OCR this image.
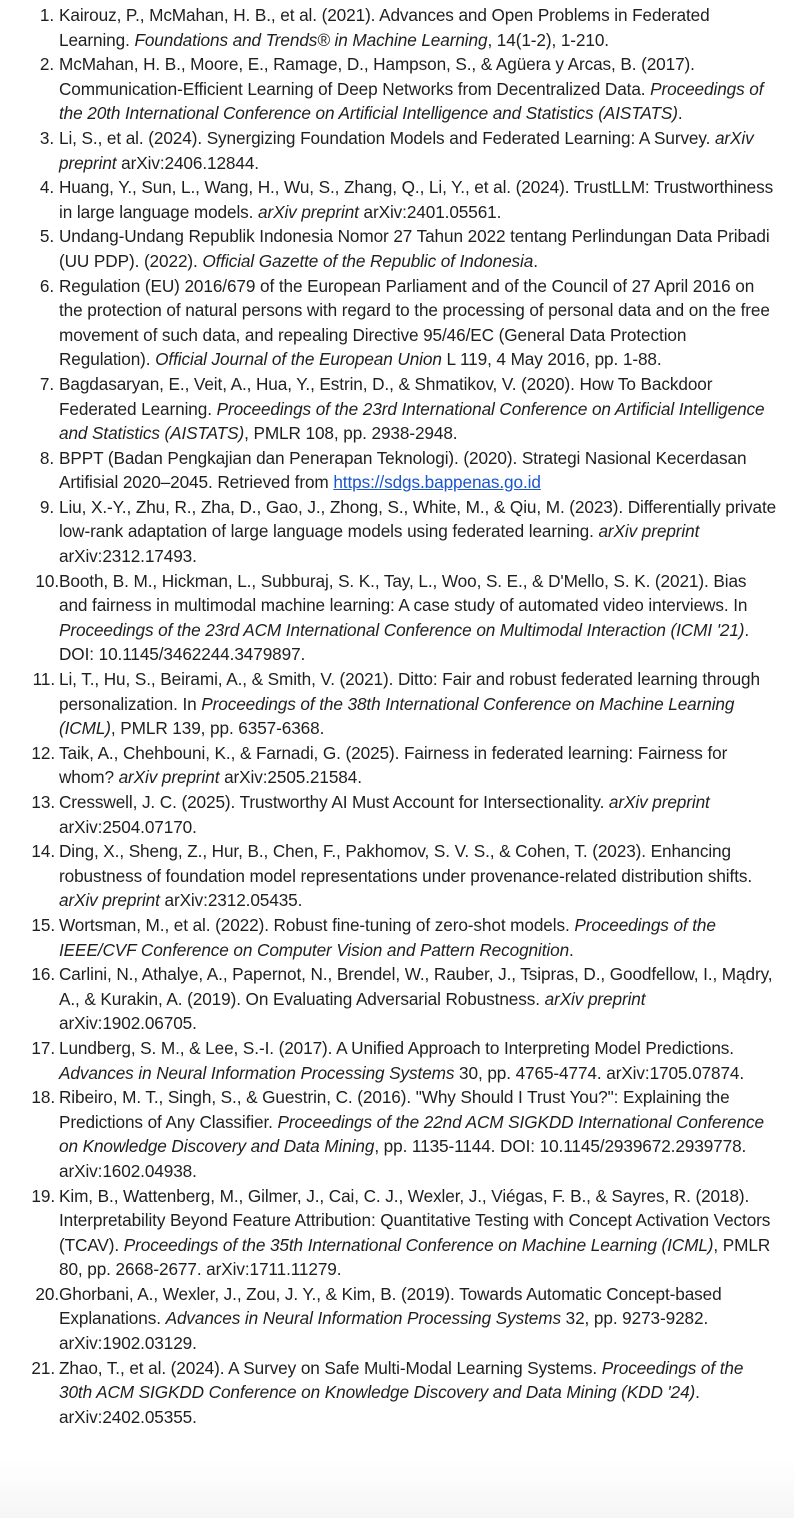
1. Kairouz, P., McMahan, H. B., et al. (2021). Advances and Open Problems in Federated Learning. Foundations and Trends® in Machine Learning, 14(1-2), 1-210.
2. McMahan, H. B., Moore, E., Ramage, D., Hampson, S., & Agüera y Arcas, B. (2017). Communication-Efficient Learning of Deep Networks from Decentralized Data. Proceedings of the 20th International Conference on Artificial Intelligence and Statistics (AISTATS).
3. Li, S., et al. (2024). Synergizing Foundation Models and Federated Learning: A Survey. arXiv preprint arXiv:2406.12844.
4. Huang, Y., Sun, L., Wang, H., Wu, S., Zhang, Q., Li, Y., et al. (2024). TrustLLM: Trustworthiness in large language models. arXiv preprint arXiv:2401.05561.
5. Undang-Undang Republik Indonesia Nomor 27 Tahun 2022 tentang Perlindungan Data Pribadi (UU PDP). (2022). Official Gazette of the Republic of Indonesia.
6. Regulation (EU) 2016/679 of the European Parliament and of the Council of 27 April 2016 on the protection of natural persons with regard to the processing of personal data and on the free movement of such data, and repealing Directive 95/46/EC (General Data Protection Regulation). Official Journal of the European Union L 119, 4 May 2016, pp. 1-88.
7. Bagdasaryan, E., Veit, A., Hua, Y., Estrin, D., & Shmatikov, V. (2020). How To Backdoor Federated Learning. Proceedings of the 23rd International Conference on Artificial Intelligence and Statistics (AISTATS), PMLR 108, pp. 2938-2948.
8. BPPT (Badan Pengkajian dan Penerapan Teknologi). (2020). Strategi Nasional Kecerdasan Artifisial 2020–2045. Retrieved from https://sdgs.bappenas.go.id
9. Liu, X.-Y., Zhu, R., Zha, D., Gao, J., Zhong, S., White, M., & Qiu, M. (2023). Differentially private low-rank adaptation of large language models using federated learning. arXiv preprint arXiv:2312.17493.
10. Booth, B. M., Hickman, L., Subburaj, S. K., Tay, L., Woo, S. E., & D'Mello, S. K. (2021). Bias and fairness in multimodal machine learning: A case study of automated video interviews. In Proceedings of the 23rd ACM International Conference on Multimodal Interaction (ICMI '21). DOI: 10.1145/3462244.3479897.
11. Li, T., Hu, S., Beirami, A., & Smith, V. (2021). Ditto: Fair and robust federated learning through personalization. In Proceedings of the 38th International Conference on Machine Learning (ICML), PMLR 139, pp. 6357-6368.
12. Taik, A., Chehbouni, K., & Farnadi, G. (2025). Fairness in federated learning: Fairness for whom? arXiv preprint arXiv:2505.21584.
13. Cresswell, J. C. (2025). Trustworthy AI Must Account for Intersectionality. arXiv preprint arXiv:2504.07170.
14. Ding, X., Sheng, Z., Hur, B., Chen, F., Pakhomov, S. V. S., & Cohen, T. (2023). Enhancing robustness of foundation model representations under provenance-related distribution shifts. arXiv preprint arXiv:2312.05435.
15. Wortsman, M., et al. (2022). Robust fine-tuning of zero-shot models. Proceedings of the IEEE/CVF Conference on Computer Vision and Pattern Recognition.
16. Carlini, N., Athalye, A., Papernot, N., Brendel, W., Rauber, J., Tsipras, D., Goodfellow, I., Mądry, A., & Kurakin, A. (2019). On Evaluating Adversarial Robustness. arXiv preprint arXiv:1902.06705.
17. Lundberg, S. M., & Lee, S.-I. (2017). A Unified Approach to Interpreting Model Predictions. Advances in Neural Information Processing Systems 30, pp. 4765-4774. arXiv:1705.07874.
18. Ribeiro, M. T., Singh, S., & Guestrin, C. (2016). "Why Should I Trust You?": Explaining the Predictions of Any Classifier. Proceedings of the 22nd ACM SIGKDD International Conference on Knowledge Discovery and Data Mining, pp. 1135-1144. DOI: 10.1145/2939672.2939778. arXiv:1602.04938.
19. Kim, B., Wattenberg, M., Gilmer, J., Cai, C. J., Wexler, J., Viégas, F. B., & Sayres, R. (2018). Interpretability Beyond Feature Attribution: Quantitative Testing with Concept Activation Vectors (TCAV). Proceedings of the 35th International Conference on Machine Learning (ICML), PMLR 80, pp. 2668-2677. arXiv:1711.11279.
20. Ghorbani, A., Wexler, J., Zou, J. Y., & Kim, B. (2019). Towards Automatic Concept-based Explanations. Advances in Neural Information Processing Systems 32, pp. 9273-9282. arXiv:1902.03129.
21. Zhao, T., et al. (2024). A Survey on Safe Multi-Modal Learning Systems. Proceedings of the 30th ACM SIGKDD Conference on Knowledge Discovery and Data Mining (KDD '24). arXiv:2402.05355.
